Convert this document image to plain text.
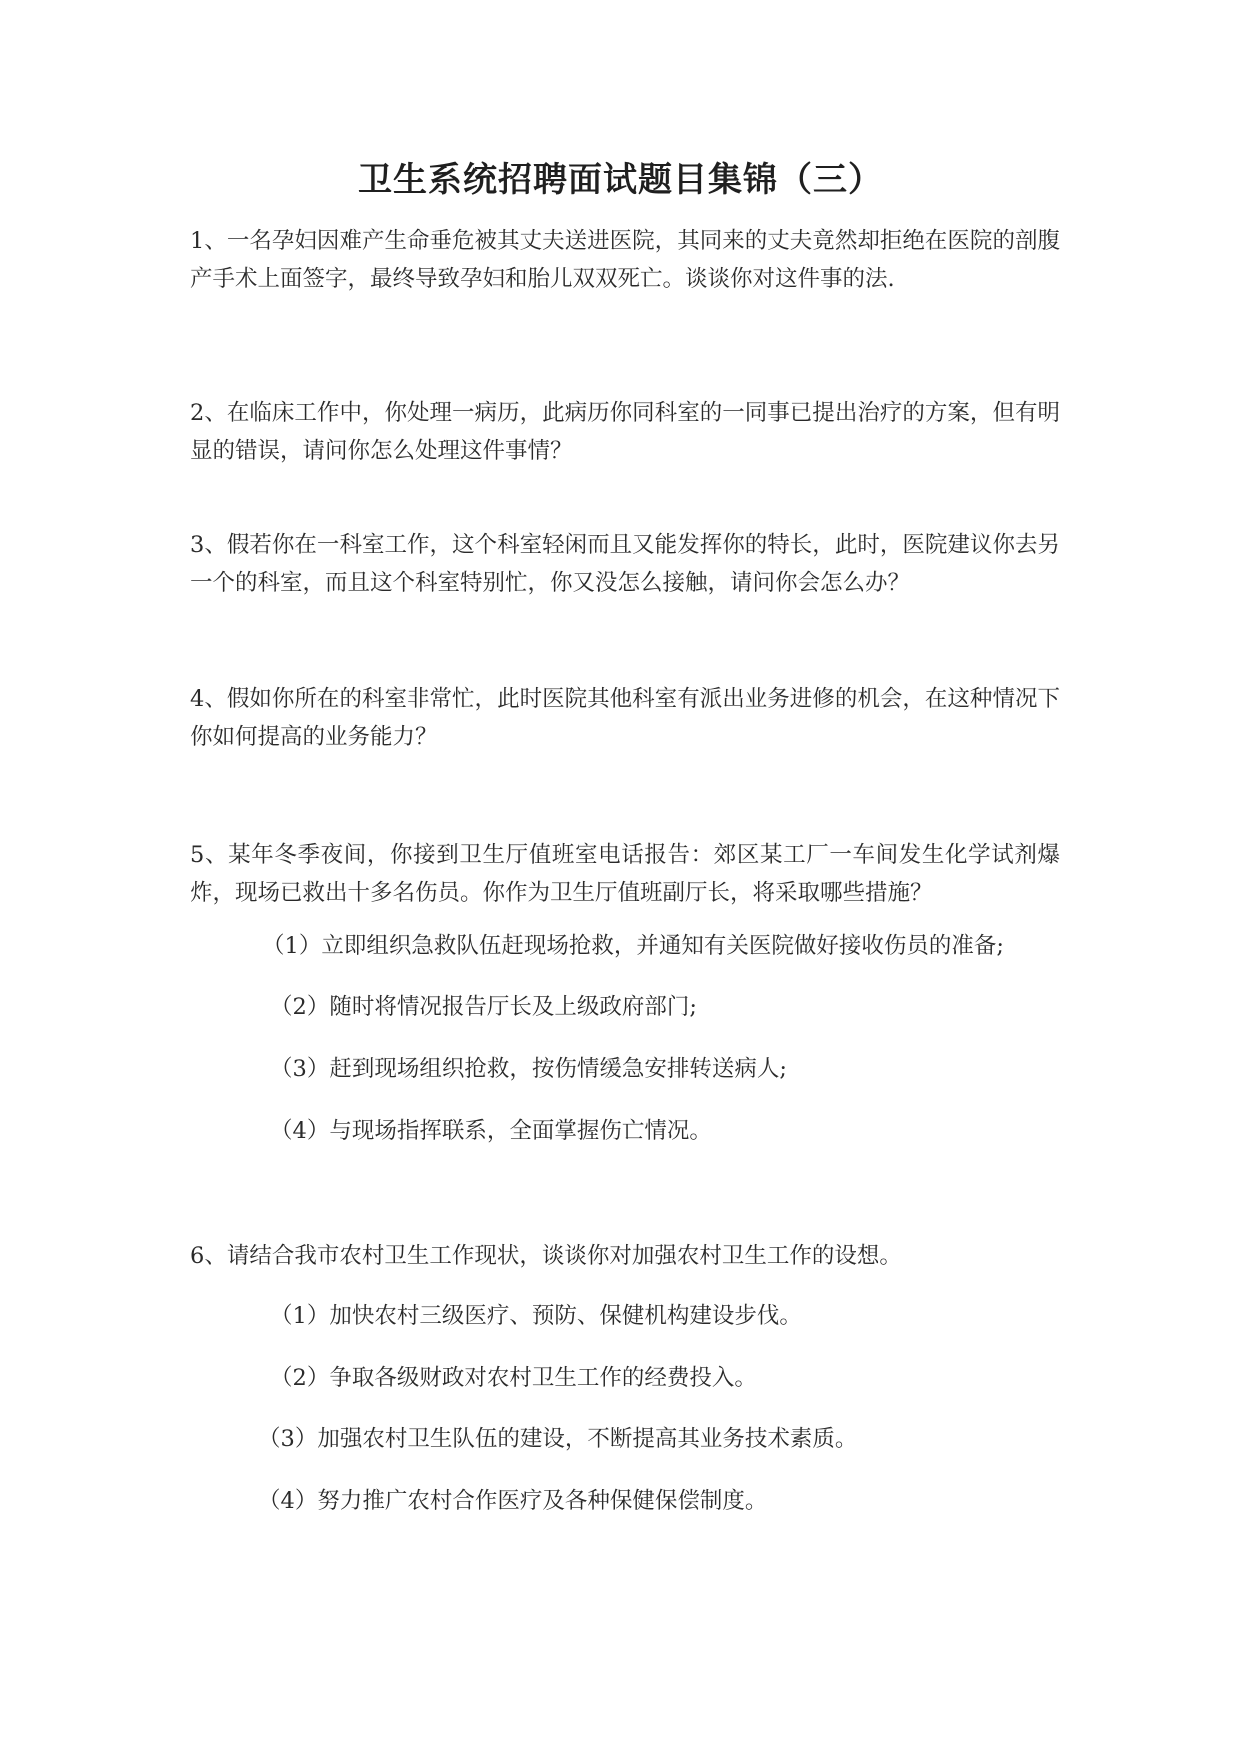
卫生系统招聘面试题目集锦（三）

1、一名孕妇因难产生命垂危被其丈夫送进医院，其同来的丈夫竟然却拒绝在医院的剖腹产手术上面签字，最终导致孕妇和胎儿双双死亡。谈谈你对这件事的法.

2、在临床工作中，你处理一病历，此病历你同科室的一同事已提出治疗的方案，但有明显的错误，请问你怎么处理这件事情？

3、假若你在一科室工作，这个科室轻闲而且又能发挥你的特长，此时，医院建议你去另一个的科室，而且这个科室特别忙，你又没怎么接触，请问你会怎么办？

4、假如你所在的科室非常忙，此时医院其他科室有派出业务进修的机会，在这种情况下你如何提高的业务能力？

5、某年冬季夜间，你接到卫生厅值班室电话报告：郊区某工厂一车间发生化学试剂爆炸，现场已救出十多名伤员。你作为卫生厅值班副厅长，将采取哪些措施？

（1）立即组织急救队伍赶现场抢救，并通知有关医院做好接收伤员的准备;
（2）随时将情况报告厅长及上级政府部门;
（3）赶到现场组织抢救，按伤情缓急安排转送病人;
（4）与现场指挥联系，全面掌握伤亡情况。

6、请结合我市农村卫生工作现状，谈谈你对加强农村卫生工作的设想。

（1）加快农村三级医疗、预防、保健机构建设步伐。
（2）争取各级财政对农村卫生工作的经费投入。
（3）加强农村卫生队伍的建设，不断提高其业务技术素质。
（4）努力推广农村合作医疗及各种保健保偿制度。
